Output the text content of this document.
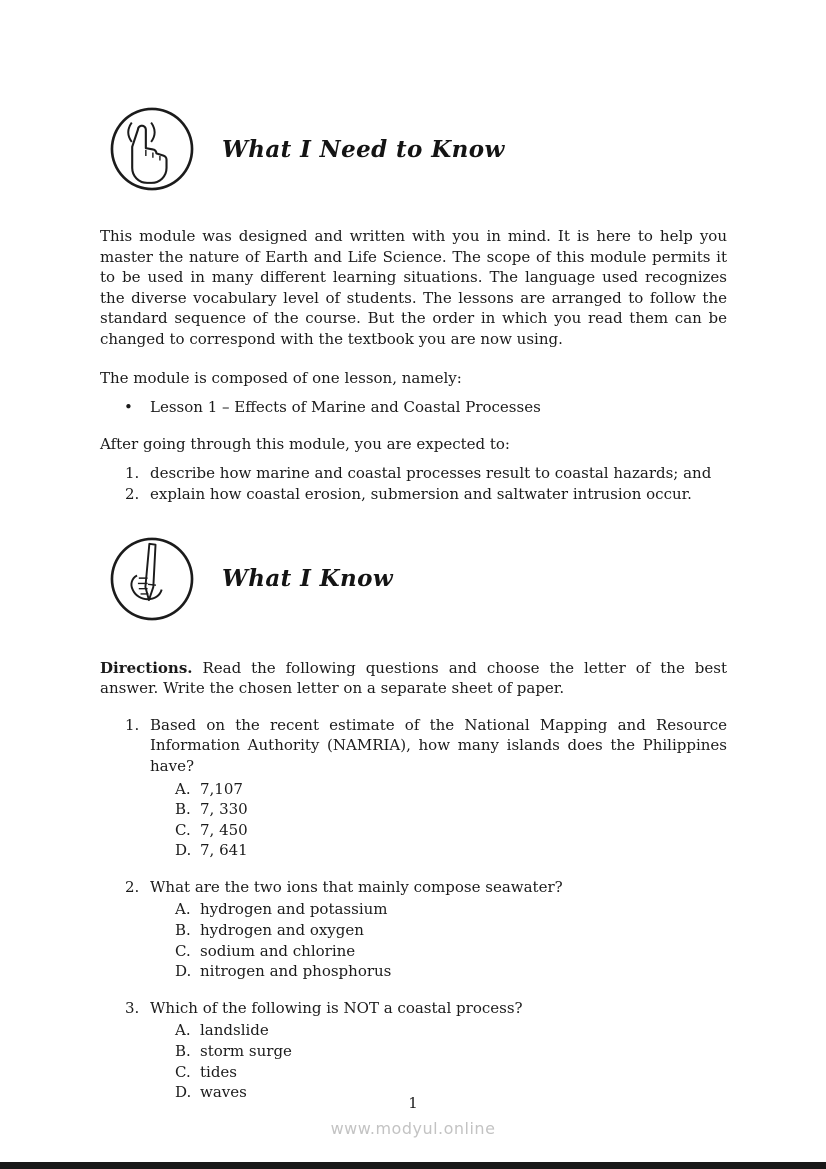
What I Need to Know

This module was designed and written with you in mind. It is here to help you master the nature of Earth and Life Science. The scope of this module permits it to be used in many different learning situations. The language used recognizes the diverse vocabulary level of students. The lessons are arranged to follow the standard sequence of the course. But the order in which you read them can be changed to correspond with the textbook you are now using.

The module is composed of one lesson, namely:

•	Lesson 1 – Effects of Marine and Coastal Processes

After going through this module, you are expected to:

1. describe how marine and coastal processes result to coastal hazards; and
2. explain how coastal erosion, submersion and saltwater intrusion occur.
What I Know

Directions. Read the following questions and choose the letter of the best answer. Write the chosen letter on a separate sheet of paper.

1. Based on the recent estimate of the National Mapping and Resource Information Authority (NAMRIA), how many islands does the Philippines have?
A. 7,107
B. 7, 330
C. 7, 450
D. 7, 641
2. What are the two ions that mainly compose seawater?
A. hydrogen and potassium
B. hydrogen and oxygen
C. sodium and chlorine
D. nitrogen and phosphorus
3. Which of the following is NOT a coastal process?
A. landslide
B. storm surge
C. tides
D. waves
1
www.modyul.online
